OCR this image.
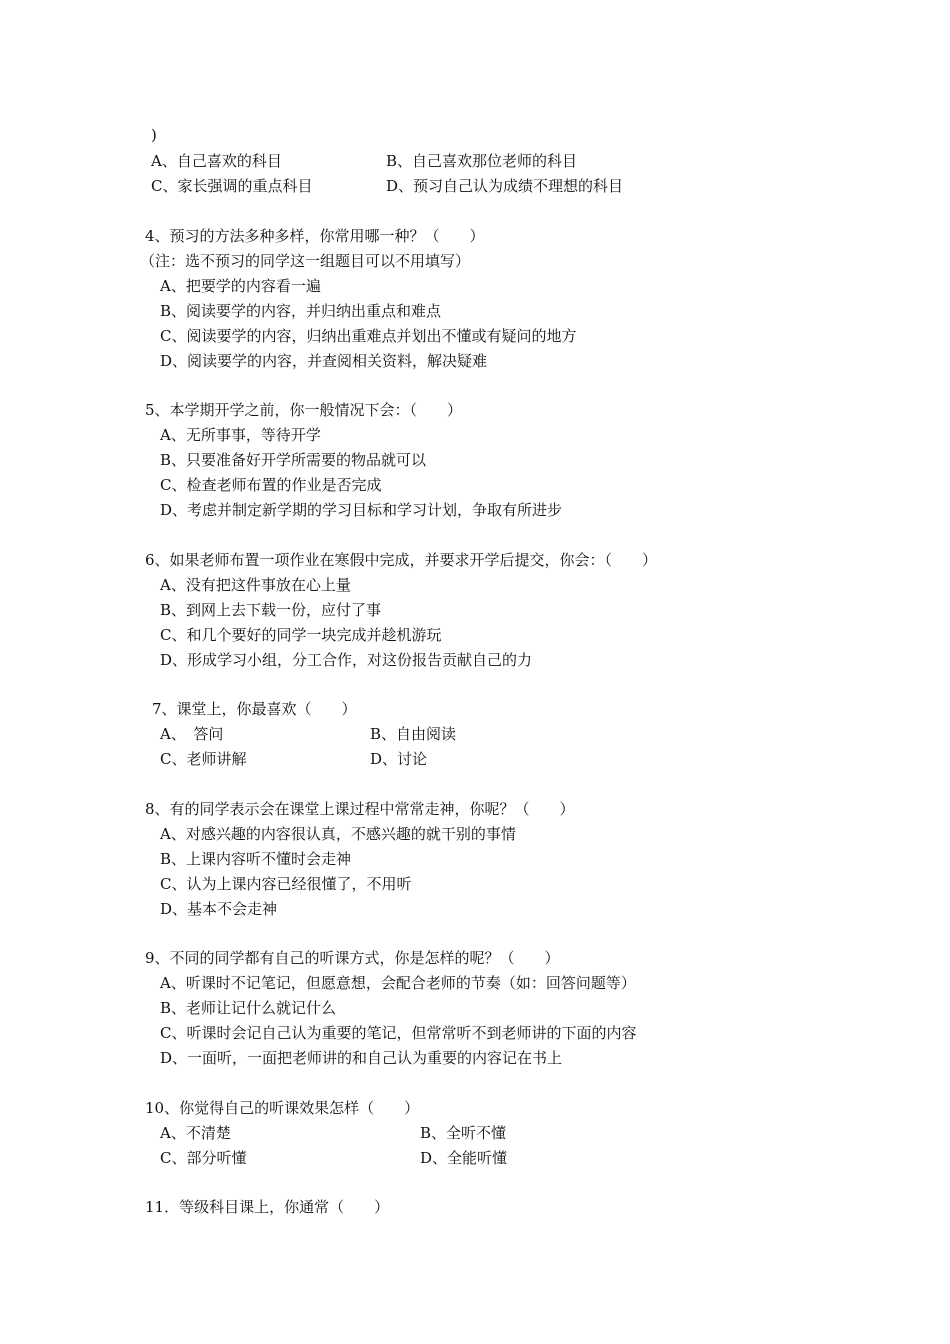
)
A、自己喜欢的科目	B、自己喜欢那位老师的科目
C、家长强调的重点科目	D、预习自己认为成绩不理想的科目
4、预习的方法多种多样，你常用哪一种？（　　）
（注：选不预习的同学这一组题目可以不用填写）
A、把要学的内容看一遍
B、阅读要学的内容，并归纳出重点和难点
C、阅读要学的内容，归纳出重难点并划出不懂或有疑问的地方
D、阅读要学的内容，并查阅相关资料，解决疑难
5、本学期开学之前，你一般情况下会：（　　）
A、无所事事，等待开学
B、只要准备好开学所需要的物品就可以
C、检查老师布置的作业是否完成
D、考虑并制定新学期的学习目标和学习计划，争取有所进步
6、如果老师布置一项作业在寒假中完成，并要求开学后提交，你会：（　　）
A、没有把这件事放在心上量
B、到网上去下载一份，应付了事
C、和几个要好的同学一块完成并趁机游玩
D、形成学习小组，分工合作，对这份报告贡献自己的力
7、课堂上，你最喜欢（　　）
A、　答问	B、自由阅读
C、老师讲解	D、讨论
8、有的同学表示会在课堂上课过程中常常走神，你呢？（　　）
A、对感兴趣的内容很认真，不感兴趣的就干别的事情
B、上课内容听不懂时会走神
C、认为上课内容已经很懂了，不用听
D、基本不会走神
9、不同的同学都有自己的听课方式，你是怎样的呢？（　　）
A、听课时不记笔记，但愿意想，会配合老师的节奏（如：回答问题等）
B、老师让记什么就记什么
C、听课时会记自己认为重要的笔记，但常常听不到老师讲的下面的内容
D、一面听，一面把老师讲的和自己认为重要的内容记在书上
10、你觉得自己的听课效果怎样（　　）
A、不清楚	B、全听不懂
C、部分听懂	D、全能听懂
11．等级科目课上，你通常（　　）
